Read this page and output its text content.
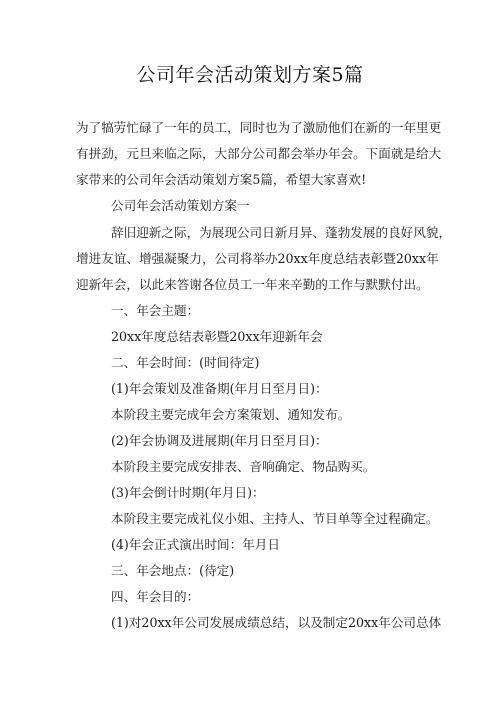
公司年会活动策划方案5篇
为了犒劳忙碌了一年的员工，同时也为了激励他们在新的一年里更
有拼劲，元旦来临之际，大部分公司都会举办年会。下面就是给大
家带来的公司年会活动策划方案5篇，希望大家喜欢!
公司年会活动策划方案一
辞旧迎新之际，为展现公司日新月异、蓬勃发展的良好风貌，
增进友谊、增强凝聚力，公司将举办20xx年度总结表彰暨20xx年
迎新年会，以此来答谢各位员工一年来辛勤的工作与默默付出。
一、年会主题：
20xx年度总结表彰暨20xx年迎新年会
二、年会时间：(时间待定)
(1)年会策划及准备期(年月日至月日)：
本阶段主要完成年会方案策划、通知发布。
(2)年会协调及进展期(年月日至月日)：
本阶段主要完成安排表、音响确定、物品购买。
(3)年会倒计时期(年月日)：
本阶段主要完成礼仪小姐、主持人、节目单等全过程确定。
(4)年会正式演出时间：年月日
三、年会地点：(待定)
四、年会目的：
(1)对20xx年公司发展成绩总结，以及制定20xx年公司总体
